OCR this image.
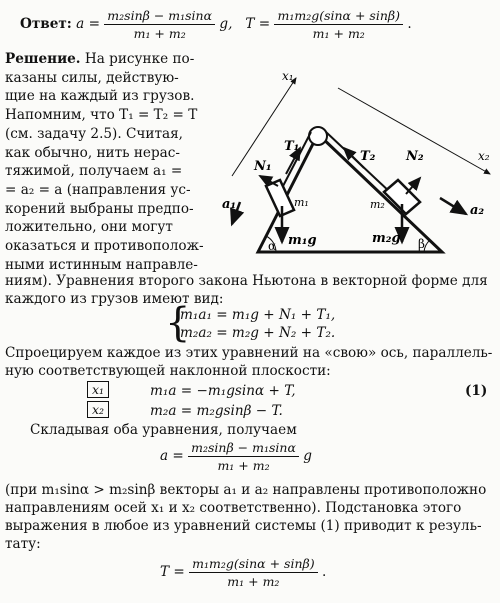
Ответ: $a = \frac{\text{m₂sinβ − m₁sinα}}{\text{m₁ + m₂}} g$, $T = \frac{\text{m₁m₂g(sinα + sinβ)}}{\text{m₁ + m₂}}$ .
Решение. На рисунке по-
казаны силы, действую-
щие на каждый из грузов.
Напомним, что T₁ = T₂ = T
(см. задачу 2.5). Считая,
как обычно, нить нерас-
тяжимой, получаем a₁ =
= a₂ = a (направления ус-
корений выбраны предпо-
ложительно, они могут
оказаться и противополож-
ными истинным направле-
x₁
x₂
T₁
T₂
N₁
N₂
a₁	a₂
m₁g	m₂g
m₁	m₂
α	β
ниям). Уравнения второго закона Ньютона в векторной форме для
каждого из грузов имеют вид:
{
m₁a₁ = m₁g + N₁ + T₁,
m₂a₂ = m₂g + N₂ + T₂.
Спроецируем каждое из этих уравнений на «свою» ось, параллель-
ную соответствующей наклонной плоскости:
x₁	m₁a = −m₁gsinα + T,	(1)
x₂	m₂a = m₂gsinβ − T.
Складывая оба уравнения, получаем
$a = \frac{\text{m₂sinβ − m₁sinα}}{\text{m₁ + m₂}}$ g
(при m₁sinα > m₂sinβ векторы a₁ и a₂ направлены противоположно
направлениям осей x₁ и x₂ соответственно). Подстановка этого
выражения в любое из уравнений системы (1) приводит к резуль-
тату:
$T = \frac{\text{m₁m₂g(sinα + sinβ)}}{\text{m₁ + m₂}}$ .
